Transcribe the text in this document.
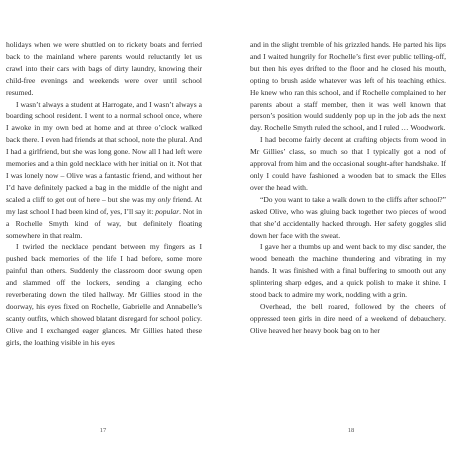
holidays when we were shuttled on to rickety boats and ferried back to the mainland where parents would reluctantly let us crawl into their cars with bags of dirty laundry, knowing their child-free evenings and weekends were over until school resumed.

I wasn’t always a student at Harrogate, and I wasn’t always a boarding school resident. I went to a normal school once, where I awoke in my own bed at home and at three o’clock walked back there. I even had friends at that school, note the plural. And I had a girlfriend, but she was long gone. Now all I had left were memories and a thin gold necklace with her initial on it. Not that I was lonely now – Olive was a fantastic friend, and without her I’d have definitely packed a bag in the middle of the night and scaled a cliff to get out of here – but she was my only friend. At my last school I had been kind of, yes, I’ll say it: popular. Not in a Rochelle Smyth kind of way, but definitely floating somewhere in that realm.

I twirled the necklace pendant between my fingers as I pushed back memories of the life I had before, some more painful than others. Suddenly the classroom door swung open and slammed off the lockers, sending a clanging echo reverberating down the tiled hallway. Mr Gillies stood in the doorway, his eyes fixed on Rochelle, Gabrielle and Annabelle’s scanty outfits, which showed blatant disregard for school policy. Olive and I exchanged eager glances. Mr Gillies hated these girls, the loathing visible in his eyes

and in the slight tremble of his grizzled hands. He parted his lips and I waited hungrily for Rochelle’s first ever public telling-off, but then his eyes drifted to the floor and he closed his mouth, opting to brush aside whatever was left of his teaching ethics. He knew who ran this school, and if Rochelle complained to her parents about a staff member, then it was well known that person’s position would suddenly pop up in the job ads the next day. Rochelle Smyth ruled the school, and I ruled … Woodwork.

I had become fairly decent at crafting objects from wood in Mr Gillies’ class, so much so that I typically got a nod of approval from him and the occasional sought-after handshake. If only I could have fashioned a wooden bat to smack the Elles over the head with.

“Do you want to take a walk down to the cliffs after school?” asked Olive, who was gluing back together two pieces of wood that she’d accidentally hacked through. Her safety goggles slid down her face with the sweat.

I gave her a thumbs up and went back to my disc sander, the wood beneath the machine thundering and vibrating in my hands. It was finished with a final buffering to smooth out any splintering sharp edges, and a quick polish to make it shine. I stood back to admire my work, nodding with a grin.

Overhead, the bell roared, followed by the cheers of oppressed teen girls in dire need of a weekend of debauchery. Olive heaved her heavy book bag on to her

17	18
